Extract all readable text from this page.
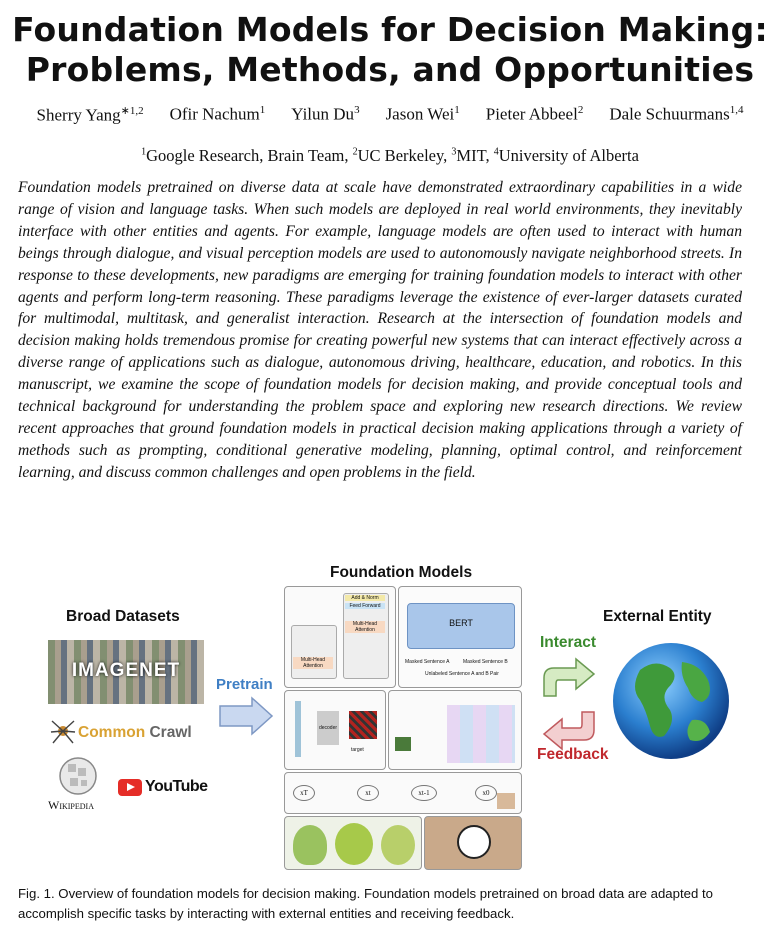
Foundation Models for Decision Making:
Problems, Methods, and Opportunities
Sherry Yang$^{∗1,2}$ Ofir Nachum$^1$ Yilun Du$^3$ Jason Wei$^1$ Pieter Abbeel$^2$ Dale Schuurmans$^{1,4}$
$^1$Google Research, Brain Team, $^2$UC Berkeley, $^3$MIT, $^4$University of Alberta
Foundation models pretrained on diverse data at scale have demonstrated extraordinary capabilities in a wide range of vision and language tasks. When such models are deployed in real world environments, they inevitably interface with other entities and agents. For example, language models are often used to interact with human beings through dialogue, and visual perception models are used to autonomously navigate neighborhood streets. In response to these developments, new paradigms are emerging for training foundation models to interact with other agents and perform long-term reasoning. These paradigms leverage the existence of ever-larger datasets curated for multimodal, multitask, and generalist interaction. Research at the intersection of foundation models and decision making holds tremendous promise for creating powerful new systems that can interact effectively across a diverse range of applications such as dialogue, autonomous driving, healthcare, education, and robotics. In this manuscript, we examine the scope of foundation models for decision making, and provide conceptual tools and technical background for understanding the problem space and exploring new research directions. We review recent approaches that ground foundation models in practical decision making applications through a variety of methods such as prompting, conditional generative modeling, planning, optimal control, and reinforcement learning, and discuss common challenges and open problems in the field.
Foundation Models
Broad Datasets	External Entity
IMAGENET
Common Crawl
Wikipedia
YouTube
Pretrain
Add & Norm
Feed Forward
Multi-Head Attention
Multi-Head Attention
BERT
Masked Sentence A	Masked Sentence B
Unlabeled Sentence A and B Pair
decoder
target
xT	xt	xt-1	x0
Interact
Feedback
Fig. 1. Overview of foundation models for decision making. Foundation models pretrained on broad data are adapted to accomplish specific tasks by interacting with external entities and receiving feedback.
